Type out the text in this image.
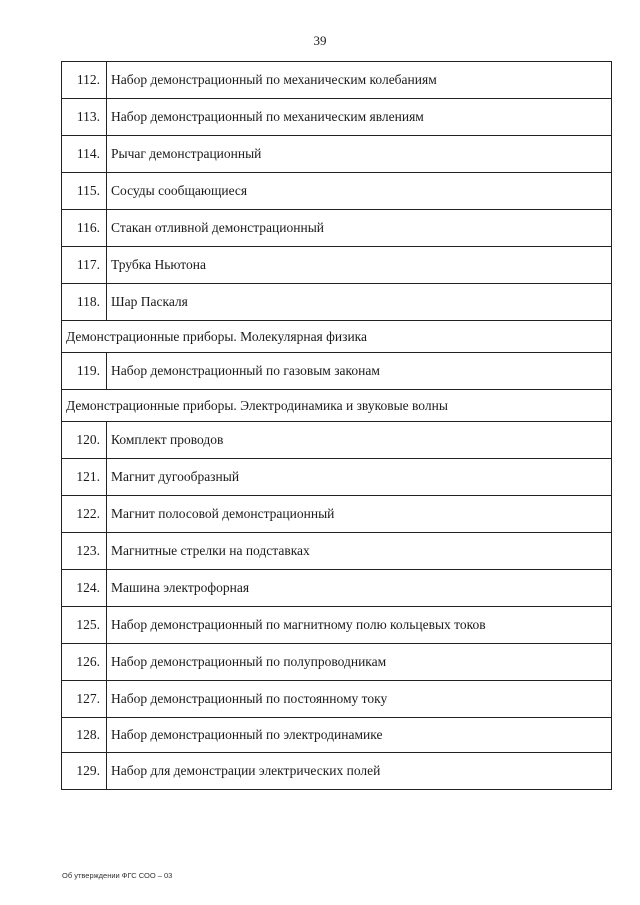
39
112.	Набор демонстрационный по механическим колебаниям
113.	Набор демонстрационный по механическим явлениям
114.	Рычаг демонстрационный
115.	Сосуды сообщающиеся
116.	Стакан отливной демонстрационный
117.	Трубка Ньютона
118.	Шар Паскаля
Демонстрационные приборы. Молекулярная физика	
119.	Набор демонстрационный по газовым законам
Демонстрационные приборы. Электродинамика и звуковые волны	
120.	Комплект проводов
121.	Магнит дугообразный
122.	Магнит полосовой демонстрационный
123.	Магнитные стрелки на подставках
124.	Машина электрофорная
125.	Набор демонстрационный по магнитному полю кольцевых токов
126.	Набор демонстрационный по полупроводникам
127.	Набор демонстрационный по постоянному току
128.	Набор демонстрационный по электродинамике
129.	Набор для демонстрации электрических полей
Об утверждении ФГС СОО – 03
